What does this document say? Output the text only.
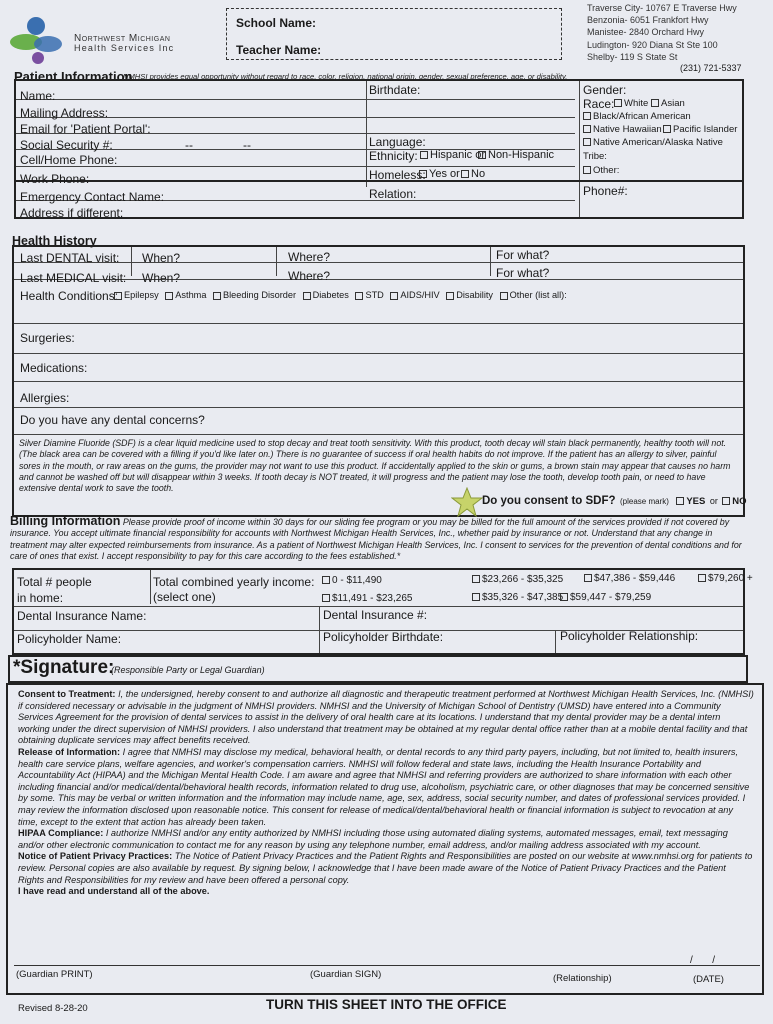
Northwest Michigan
Health Services Inc
School Name:
Teacher Name:
Traverse City- 10767 E Traverse Hwy
Benzonia- 6051 Frankfort Hwy
Manistee- 2840 Orchard Hwy
Ludington- 920 Diana St Ste 100
Shelby- 119 S State St
(231) 721-5337
Patient Information
NMHSI provides equal opportunity without regard to race, color, religion, national origin, gender, sexual preference, age, or disability.
Name:	Birthdate:	Gender:
Mailing Address:
Email for 'Patient Portal':
Social Security #:	--	--	Language:
Cell/Home Phone:	Ethnicity:	Hispanic or Non-Hispanic
Work Phone:	Homeless: Yes or	No
Emergency Contact Name:	Relation:	Phone#:
Address if different:
Race:	White	Asian
Black/African American
Native Hawaiian	Pacific Islander
Native American/Alaska Native
Tribe:
Other:
Health History
Last DENTAL visit: When?	Where?	For what?
Last MEDICAL visit: When?	Where?	For what?
Health Conditions: Epilepsy Asthma Bleeding Disorder Diabetes STD AIDS/HIV Disability Other (list all):
Surgeries:
Medications:
Allergies:
Do you have any dental concerns?
Silver Diamine Fluoride (SDF) is a clear liquid medicine used to stop decay and treat tooth sensitivity. With this product, tooth decay will stain black permanently, healthy tooth will not. (The black area can be covered with a filling if you'd like later on.) There is no guarantee of success if oral health habits do not improve. If the patient has an allergy to silver, painful sores in the mouth, or raw areas on the gums, the provider may not want to use this product. If accidentally applied to the skin or gums, a brown stain may appear that causes no harm and cannot be washed off but will disappear within 3 weeks. If tooth decay is NOT treated, it will progress and the patient may lose the tooth, develop tooth pain, or need to have extensive dental work to save the tooth.
Do you consent to SDF? (please mark) YES or NO
Billing Information Please provide proof of income within 30 days for our sliding fee program or you may be billed for the full amount of the services provided if not covered by insurance. You accept ultimate financial responsibility for accounts with Northwest Michigan Health Services, Inc., whether paid by insurance or not. Understand that any change in treatment may alter expected reimbursements from insurance. As a patient of Northwest Michigan Health Services, Inc. I consent to services for the prevention of dental conditions and for care of ones that exist. I accept responsibility to pay for this care according to the fees established.*
Total # people
in home:
Total combined yearly income:
(select one)
0 - $11,490	$23,266 - $35,325	$47,386 - $59,446	$79,260 +
$11,491 - $23,265	$35,326 - $47,385 $59,447 - $79,259
Dental Insurance Name:	Dental Insurance #:
Policyholder Name:	Policyholder Birthdate:	Policyholder Relationship:
*Signature:
(Responsible Party or Legal Guardian)
Consent to Treatment: I, the undersigned, hereby consent to and authorize all diagnostic and therapeutic treatment performed at Northwest Michigan Health Services, Inc. (NMHSI) if considered necessary or advisable in the judgment of NMHSI providers. NMHSI and the University of Michigan School of Dentistry (UMSD) have entered into a Community Services Agreement for the provision of dental services to assist in the delivery of oral health care at its locations. I understand that my dental provider may be a dental intern working under the direct supervision of NMHSI providers. I also understand that treatment may be obtained at my regular dental office rather than at a mobile dental facility and that obtaining duplicate services may affect benefits received.
Release of Information: I agree that NMHSI may disclose my medical, behavioral health, or dental records to any third party payers, including, but not limited to, health insurers, health care service plans, welfare agencies, and worker's compensation carriers. NMHSI will follow federal and state laws, including the Health Insurance Portability and Accountability Act (HIPAA) and the Michigan Mental Health Code. I am aware and agree that NMHSI and referring providers are authorized to share information with each other including financial and/or medical/dental/behavioral health records, information related to drug use, alcoholism, psychiatric care, or other diagnoses that may be concerned sensitive by some. This may be verbal or written information and the information may include name, age, sex, address, social security number, and dates of professional services provided. I may review the information disclosed upon reasonable notice. This consent for release of medical/dental/behavioral health or financial information is subject to revocation at any time, except to the extent that action has already been taken.
HIPAA Compliance: I authorize NMHSI and/or any entity authorized by NMHSI including those using automated dialing systems, automated messages, email, text messaging and/or other electronic communication to contact me for any reason by using any telephone number, email address, and/or mailing address associated with my account.
Notice of Patient Privacy Practices: The Notice of Patient Privacy Practices and the Patient Rights and Responsibilities are posted on our website at www.nmhsi.org for patients to review. Personal copies are also available by request. By signing below, I acknowledge that I have been made aware of the Notice of Patient Privacy Practices and the Patient Rights and Responsibilities for my review and have been offered a personal copy.
I have read and understand all of the above.
/       /
(Guardian PRINT)	(Guardian SIGN)	(Relationship)	(DATE)
Revised 8-28-20	TURN THIS SHEET INTO THE OFFICE
